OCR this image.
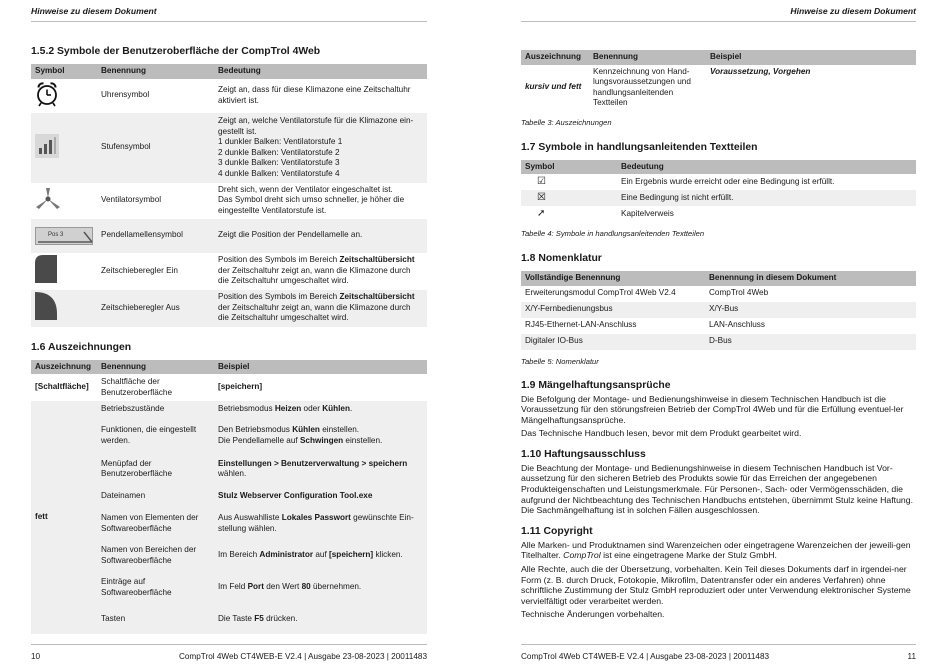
Hinweise zu diesem Dokument
1.5.2 Symbole der Benutzeroberfläche der CompTrol 4Web
Symbol	Benennung	Bedeutung
	Uhrensymbol	Zeigt an, dass für diese Klimazone eine Zeitschaltuhr aktiviert ist.
	Stufensymbol	Zeigt an, welche Ventilatorstufe für die Klimazone ein-gestellt ist.
1 dunkler Balken: Ventilatorstufe 1
2 dunkle Balken: Ventilatorstufe 2
3 dunkle Balken: Ventilatorstufe 3
4 dunkle Balken: Ventilatorstufe 4

	Ventilatorsymbol	Dreht sich, wenn der Ventilator eingeschaltet ist.
Das Symbol dreht sich umso schneller, je höher die eingestellte Ventilatorstufe ist.

Pos 3	Pendellamellensymbol	Zeigt die Position der Pendellamelle an.
	Zeitschieberegler Ein	Position des Symbols im Bereich Zeitschaltübersicht der Zeitschaltuhr zeigt an, wann die Klimazone durch die Zeitschaltuhr umgeschaltet wird.
	Zeitschieberegler Aus	Position des Symbols im Bereich Zeitschaltübersicht der Zeitschaltuhr zeigt an, wann die Klimazone durch die Zeitschaltuhr umgeschaltet wird.
1.6 Auszeichnungen
Auszeichnung	Benennung	Beispiel
[Schaltfläche]	Schaltfläche der Benutzeroberfläche	[speichern]
fett	Betriebszustände	Betriebsmodus Heizen oder Kühlen.
	Funktionen, die eingestellt werden.	Den Betriebsmodus Kühlen einstellen.
Die Pendellamelle auf Schwingen einstellen.
	Menüpfad der Benutzeroberfläche	Einstellungen > Benutzerverwaltung > speichern wählen.
	Dateinamen	Stulz Webserver Configuration Tool.exe
	Namen von Elementen der Softwareoberfläche	Aus Auswahlliste Lokales Passwort gewünschte Ein-stellung wählen.
	Namen von Bereichen der Softwareoberfläche	Im Bereich Administrator auf [speichern] klicken.
	Einträge auf Softwareoberfläche	Im Feld Port den Wert 80 übernehmen.
	Tasten	Die Taste F5 drücken.
10	CompTrol 4Web CT4WEB-E V2.4 | Ausgabe 23-08-2023 | 20011483
Hinweise zu diesem Dokument
Auszeichnung	Benennung	Beispiel
kursiv und fett	Kennzeichnung von Hand-lungsvoraussetzungen und handlungsanleitenden Textteilen	Voraussetzung, Vorgehen
Tabelle 3: Auszeichnungen
1.7 Symbole in handlungsanleitenden Textteilen
Symbol	Bedeutung
☑	Ein Ergebnis wurde erreicht oder eine Bedingung ist erfüllt.
☒	Eine Bedingung ist nicht erfüllt.
➚	Kapitelverweis
Tabelle 4: Symbole in handlungsanleitenden Textteilen
1.8 Nomenklatur
Vollständige Benennung	Benennung in diesem Dokument
Erweiterungsmodul CompTrol 4Web V2.4	CompTrol 4Web
X/Y-Fernbedienungsbus	X/Y-Bus
RJ45-Ethernet-LAN-Anschluss	LAN-Anschluss
Digitaler IO-Bus	D-Bus
Tabelle 5: Nomenklatur
1.9 Mängelhaftungsansprüche

Die Befolgung der Montage- und Bedienungshinweise in diesem Technischen Handbuch ist die Voraussetzung für den störungsfreien Betrieb der CompTrol 4Web und für die Erfüllung eventuel-ler Mängelhaftungsansprüche.

Das Technische Handbuch lesen, bevor mit dem Produkt gearbeitet wird.

1.10 Haftungsausschluss

Die Beachtung der Montage- und Bedienungshinweise in diesem Technischen Handbuch ist Vor-aussetzung für den sicheren Betrieb des Produkts sowie für das Erreichen der angegebenen Produkteigenschaften und Leistungsmerkmale. Für Personen-, Sach- oder Vermögensschäden, die aufgrund der Nichtbeachtung des Technischen Handbuchs entstehen, übernimmt Stulz keine Haftung. Die Sachmängelhaftung ist in solchen Fällen ausgeschlossen.

1.11 Copyright

Alle Marken- und Produktnamen sind Warenzeichen oder eingetragene Warenzeichen der jeweili-gen Titelhalter. CompTrol ist eine eingetragene Marke der Stulz GmbH.

Alle Rechte, auch die der Übersetzung, vorbehalten. Kein Teil dieses Dokuments darf in irgendei-ner Form (z. B. durch Druck, Fotokopie, Mikrofilm, Datentransfer oder ein anderes Verfahren) ohne schriftliche Zustimmung der Stulz GmbH reproduziert oder unter Verwendung elektronischer Systeme vervielfältigt oder verarbeitet werden.

Technische Änderungen vorbehalten.

CompTrol 4Web CT4WEB-E V2.4 | Ausgabe 23-08-2023 | 20011483	11
